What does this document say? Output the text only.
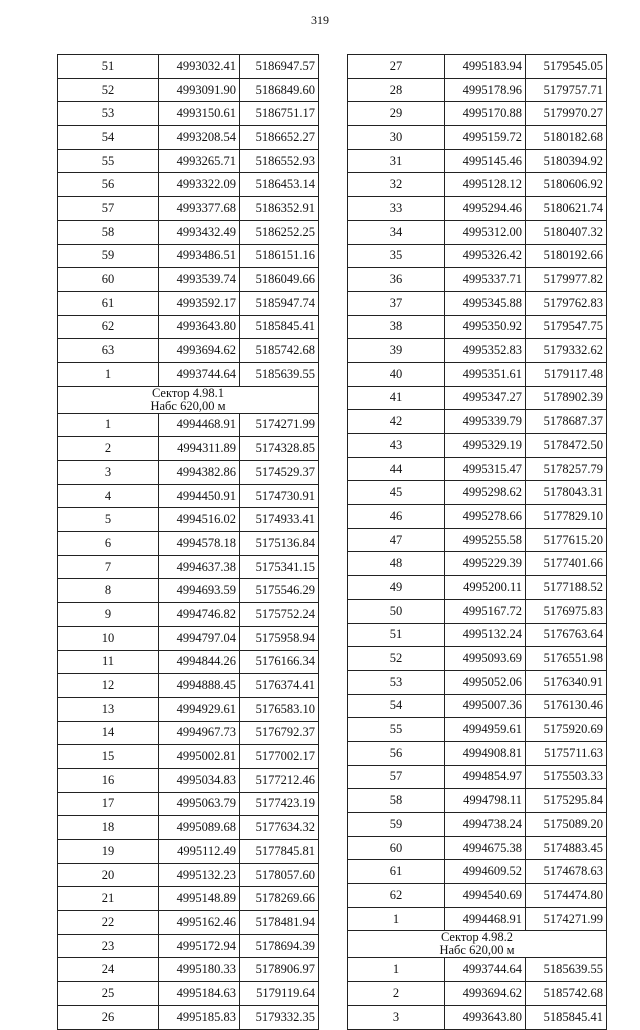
319
51	4993032.41	5186947.57
52	4993091.90	5186849.60
53	4993150.61	5186751.17
54	4993208.54	5186652.27
55	4993265.71	5186552.93
56	4993322.09	5186453.14
57	4993377.68	5186352.91
58	4993432.49	5186252.25
59	4993486.51	5186151.16
60	4993539.74	5186049.66
61	4993592.17	5185947.74
62	4993643.80	5185845.41
63	4993694.62	5185742.68
1	4993744.64	5185639.55

Сектор 4.98.1
Набс 620,00 м		

1	4994468.91	5174271.99
2	4994311.89	5174328.85
3	4994382.86	5174529.37
4	4994450.91	5174730.91
5	4994516.02	5174933.41
6	4994578.18	5175136.84
7	4994637.38	5175341.15
8	4994693.59	5175546.29
9	4994746.82	5175752.24
10	4994797.04	5175958.94
11	4994844.26	5176166.34
12	4994888.45	5176374.41
13	4994929.61	5176583.10
14	4994967.73	5176792.37
15	4995002.81	5177002.17
16	4995034.83	5177212.46
17	4995063.79	5177423.19
18	4995089.68	5177634.32
19	4995112.49	5177845.81
20	4995132.23	5178057.60
21	4995148.89	5178269.66
22	4995162.46	5178481.94
23	4995172.94	5178694.39
24	4995180.33	5178906.97
25	4995184.63	5179119.64
26	4995185.83	5179332.35
27	4995183.94	5179545.05
28	4995178.96	5179757.71
29	4995170.88	5179970.27
30	4995159.72	5180182.68
31	4995145.46	5180394.92
32	4995128.12	5180606.92
33	4995294.46	5180621.74
34	4995312.00	5180407.32
35	4995326.42	5180192.66
36	4995337.71	5179977.82
37	4995345.88	5179762.83
38	4995350.92	5179547.75
39	4995352.83	5179332.62
40	4995351.61	5179117.48
41	4995347.27	5178902.39
42	4995339.79	5178687.37
43	4995329.19	5178472.50
44	4995315.47	5178257.79
45	4995298.62	5178043.31
46	4995278.66	5177829.10
47	4995255.58	5177615.20
48	4995229.39	5177401.66
49	4995200.11	5177188.52
50	4995167.72	5176975.83
51	4995132.24	5176763.64
52	4995093.69	5176551.98
53	4995052.06	5176340.91
54	4995007.36	5176130.46
55	4994959.61	5175920.69
56	4994908.81	5175711.63
57	4994854.97	5175503.33
58	4994798.11	5175295.84
59	4994738.24	5175089.20
60	4994675.38	5174883.45
61	4994609.52	5174678.63
62	4994540.69	5174474.80
1	4994468.91	5174271.99

Сектор 4.98.2
Набс 620,00 м		

1	4993744.64	5185639.55
2	4993694.62	5185742.68
3	4993643.80	5185845.41
